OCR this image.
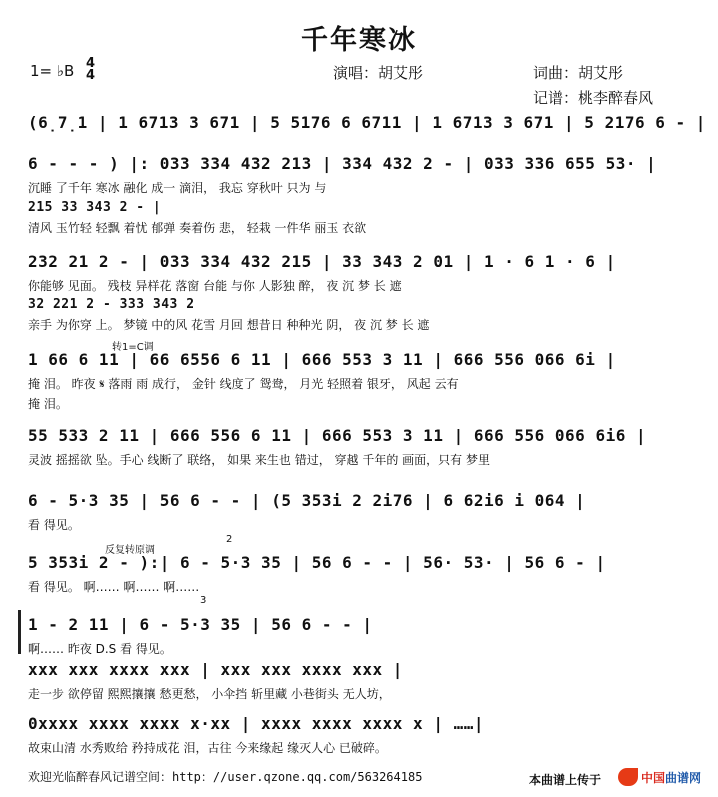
千年寒冰
1= ♭B 4
4	演唱：胡艾彤	词曲：胡艾彤
记谱：桃李醉春风
(6̣7̣1 | 1 6713 3 671 | 5 5176 6 6711 | 1 6713 3 671 | 5 2176 6 - |
6 - - - ) |: 033 334 432 213 | 334 432 2 - | 033 336 655 53· |
沉睡 了千年 寒冰 融化 成一 滴泪， 我忘 穿秋叶 只为 与
215 33 343 2 - |
清风 玉竹轻 轻飘 着忧 郁弹 奏着伤 悲， 轻栽 一件华 丽玉 衣欲
232 21 2 - | 033 334 432 215 | 33 343 2 01 | 1 · 6 1 · 6 |
你能够 见面。 残枝 异样花 落窗 台能 与你 人影独 醉， 夜 沉 梦 长 遮
32 221 2 - 333 343 2
亲手 为你穿 上。 梦镜 中的风 花雪 月回 想昔日 种种光 阴， 夜 沉 梦 长 遮
转1=C调
1 66 6 11 | 66 6556 6 11 | 666 553 3 11 | 666 556 066 6i |
掩 泪。 昨夜 𝄋 落雨 雨 成行， 金针 线度了 鸳鸯， 月光 轻照着 银牙， 风起 云有
掩 泪。
55 533 2 11 | 666 556 6 11 | 666 553 3 11 | 666 556 066 6i6 |
灵波 摇摇欲 坠。手心 线断了 联络， 如果 来生也 错过， 穿越 千年的 画面，只有 梦里
6 - 5·3 35 | 56 6 - - | (5 353i 2 2i76 | 6 62i6 i 064 |
看 得见。
反复转原调
2
5 353i 2 - ):| 6 - 5·3 35 | 56 6 - - | 56· 53· | 56 6 - |
看 得见。 啊…… 啊…… 啊……
3
1 - 2 11 | 6 - 5·3 35 | 56 6 - - |
啊…… 昨夜 D.S 看 得见。
xxx xxx xxxx xxx | xxx xxx xxxx xxx |
走一步 欲停留 熙熙攘攘 愁更愁， 小伞挡 斩里藏 小巷街头 无人坊，
0xxxx xxxx xxxx x·xx | xxxx xxxx xxxx x | ……|
故束山清 水秀败给 矜持成花 泪，古往 今来缘起 缘灭人心 已破碎。
欢迎光临醉春风记谱空间：http：//user.qzone.qq.com/563264185	本曲谱上传于	中国曲谱网
